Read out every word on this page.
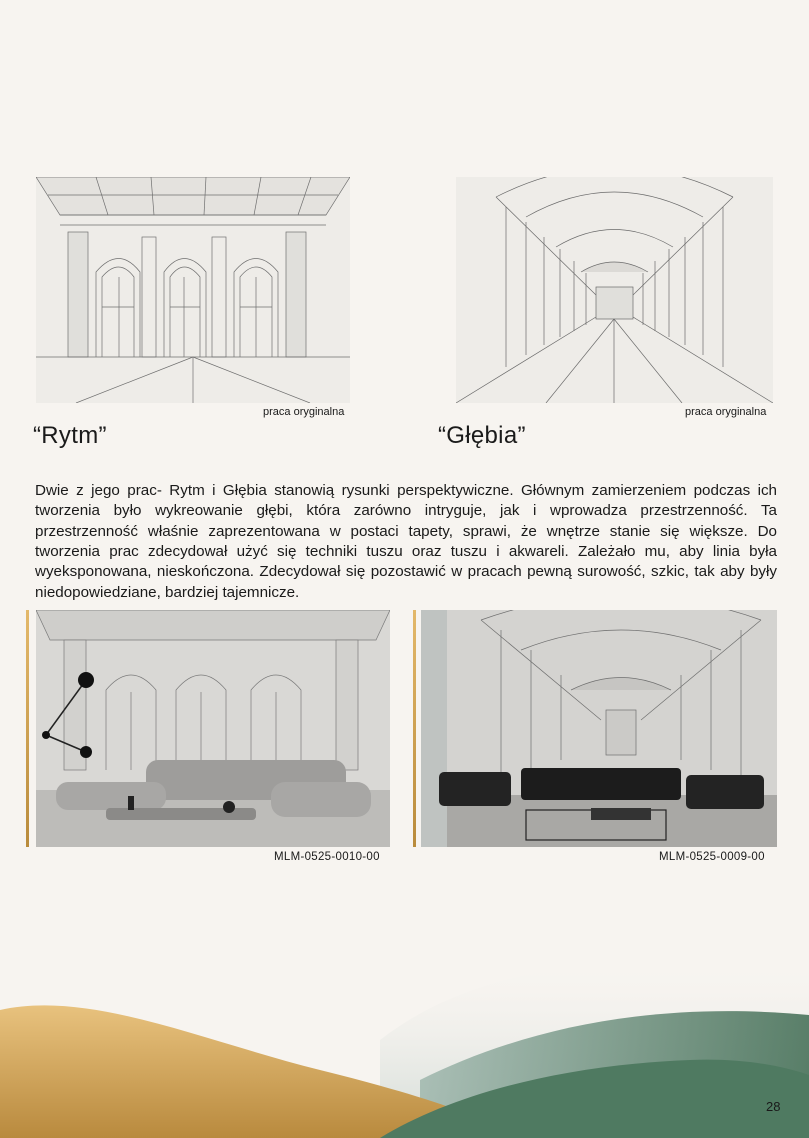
praca oryginalna
“Rytm”
praca oryginalna
“Głębia”

Dwie z jego prac- Rytm i Głębia stanowią rysunki perspektywiczne. Głównym zamierzeniem podczas ich tworzenia było wykreowanie głębi, która zarówno intryguje, jak i wprowadza przestrzenność. Ta przestrzenność właśnie zaprezentowana w postaci tapety, sprawi, że wnętrze stanie się większe. Do tworzenia prac zdecydował użyć się techniki tuszu oraz tuszu i akwareli. Zależało mu, aby linia była wyeksponowana, nieskończona. Zdecydował się pozostawić w pracach pewną surowość, szkic, tak aby były niedopowiedziane, bardziej tajemnicze.

MLM-0525-0010-00	MLM-0525-0009-00
28
